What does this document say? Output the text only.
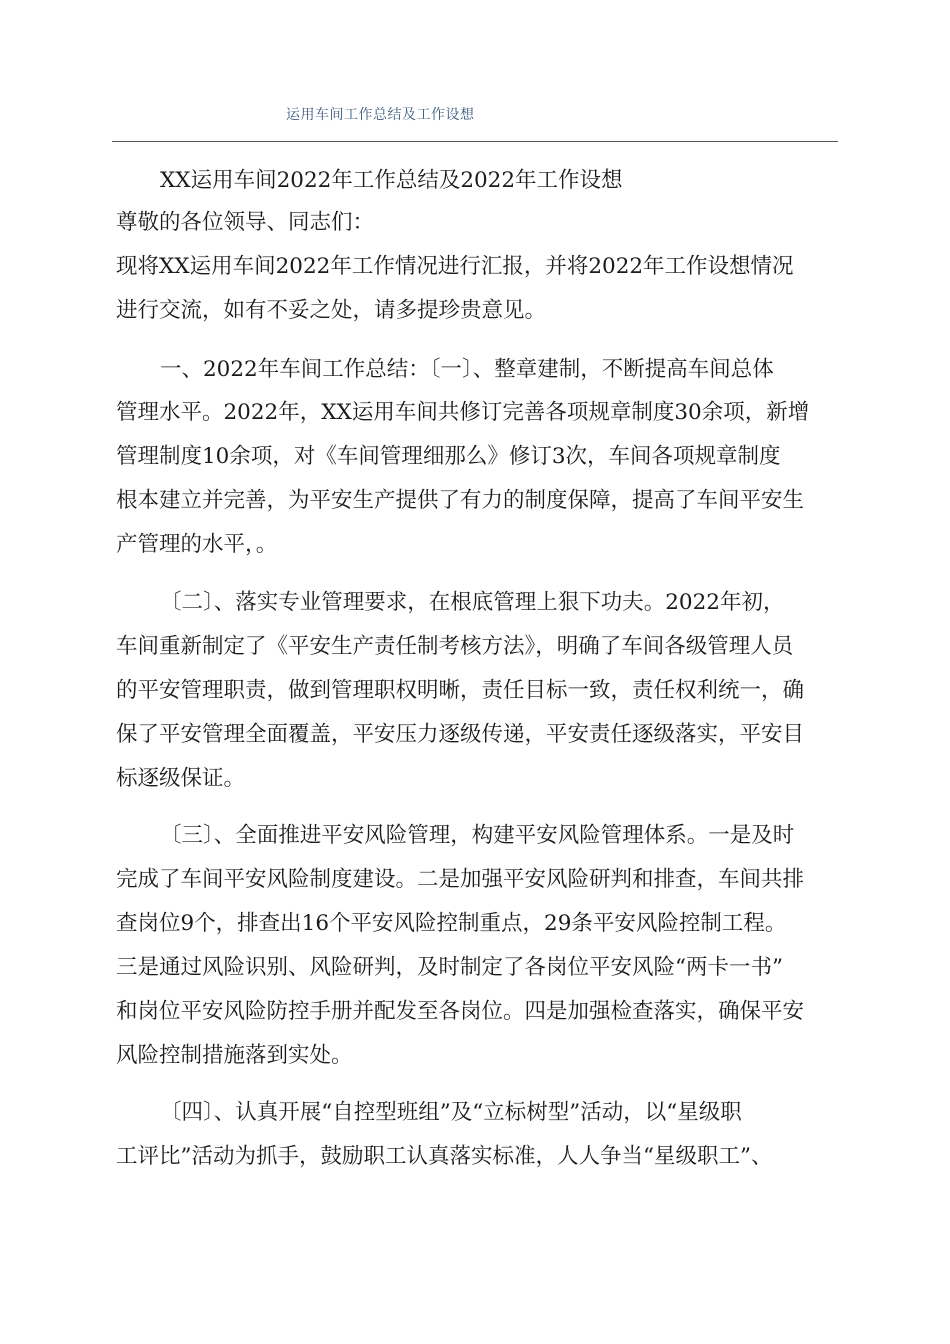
运用车间工作总结及工作设想
XX运用车间2022年工作总结及2022年工作设想
尊敬的各位领导、同志们：
现将XX运用车间2022年工作情况进行汇报，并将2022年工作设想情况
进行交流，如有不妥之处，请多提珍贵意见。
一、2022年车间工作总结：〔一〕、整章建制，不断提高车间总体
管理水平。2022年，XX运用车间共修订完善各项规章制度30余项，新增
管理制度10余项，对《车间管理细那么》修订3次，车间各项规章制度
根本建立并完善，为平安生产提供了有力的制度保障，提高了车间平安生
产管理的水平，。
〔二〕、落实专业管理要求，在根底管理上狠下功夫。2022年初，
车间重新制定了《平安生产责任制考核方法》，明确了车间各级管理人员
的平安管理职责，做到管理职权明晰，责任目标一致，责任权利统一，确
保了平安管理全面覆盖，平安压力逐级传递，平安责任逐级落实，平安目
标逐级保证。
〔三〕、全面推进平安风险管理，构建平安风险管理体系。一是及时
完成了车间平安风险制度建设。二是加强平安风险研判和排查，车间共排
查岗位9个，排查出16个平安风险控制重点，29条平安风险控制工程。
三是通过风险识别、风险研判，及时制定了各岗位平安风险“两卡一书”
和岗位平安风险防控手册并配发至各岗位。四是加强检查落实，确保平安
风险控制措施落到实处。
〔四〕、认真开展“自控型班组”及“立标树型”活动，以“星级职
工评比”活动为抓手，鼓励职工认真落实标准，人人争当“星级职工”、
